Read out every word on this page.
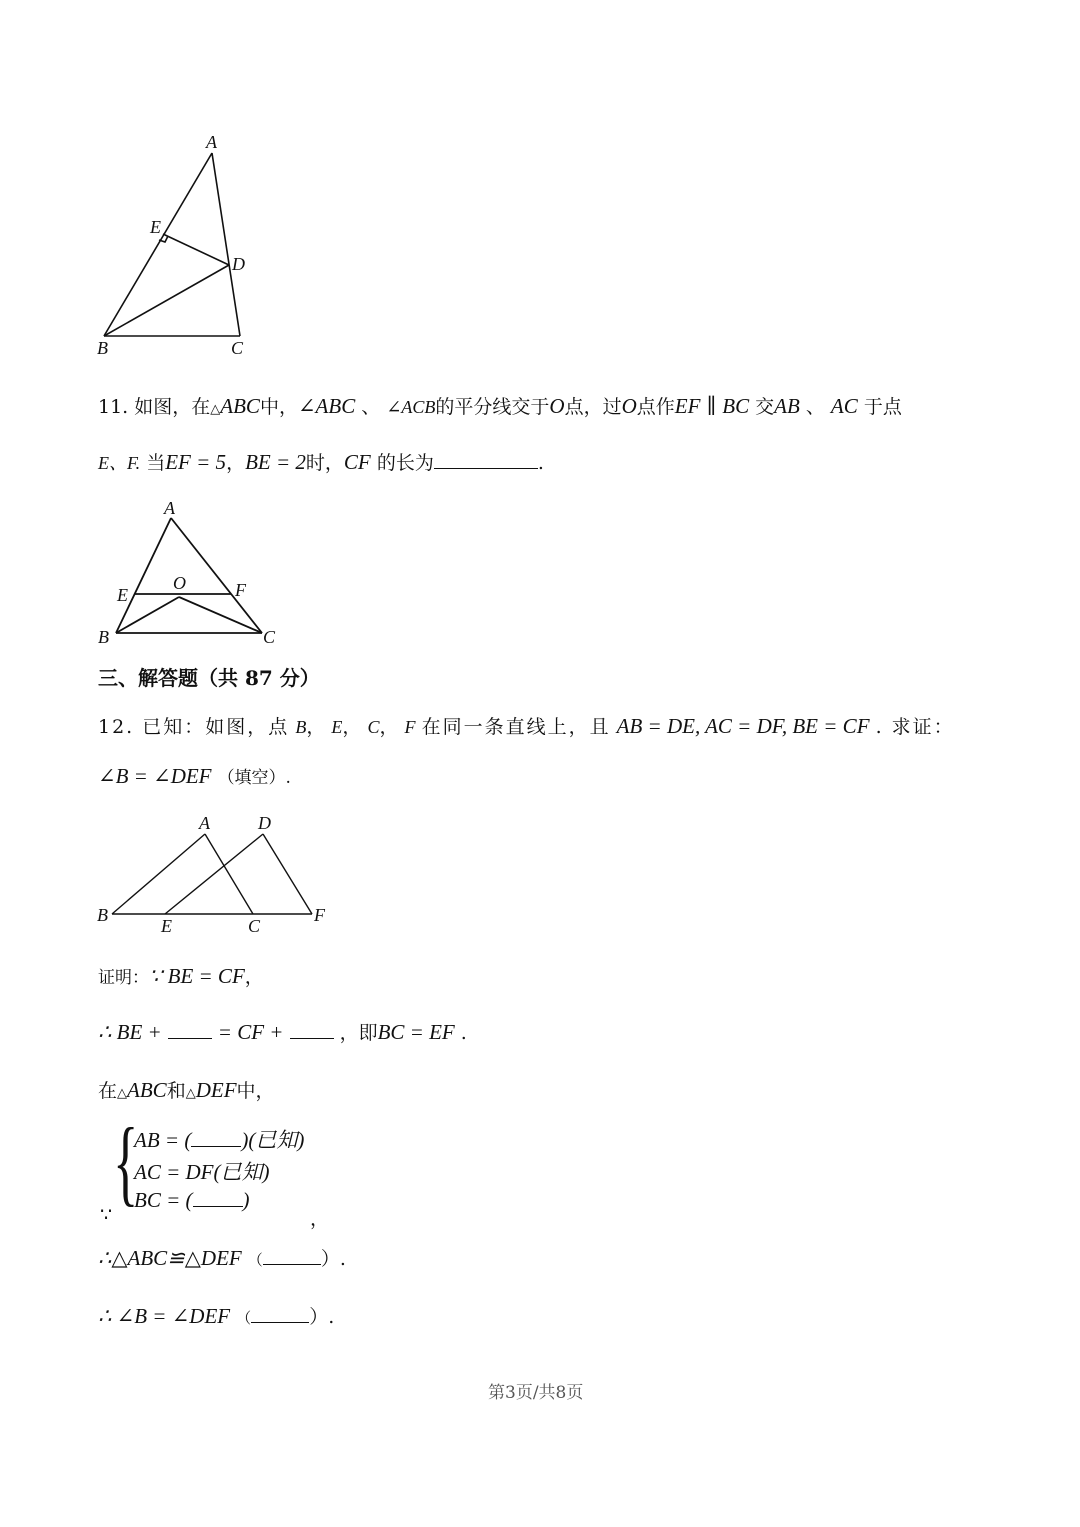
A
E
D
B	C
11. 如图，在△ABC中，∠ABC 、 ∠ACB的平分线交于O点，过O点作EF ∥ BC 交AB 、 AC 于点
E、F. 当EF = 5，BE = 2时，CF 的长为	.
A
O
E	F
B	C
三、解答题（共 87 分）
12. 已知：如图，点 B， E， C， F 在同一条直线上，且 AB = DE, AC = DF, BE = CF . 求证：
∠B = ∠DEF （填空）.
A	D
B
E	C
F
证明：∵ BE = CF，
∴ BE +	= CF +	，即BC = EF .
在△ABC和△DEF中，
{
AB = ( )(已知)
AC = DF(已知)
BC = ( )
∵	，
∴△ABC≌△DEF （	）.
∴ ∠B = ∠DEF （	）.
第3页/共8页
